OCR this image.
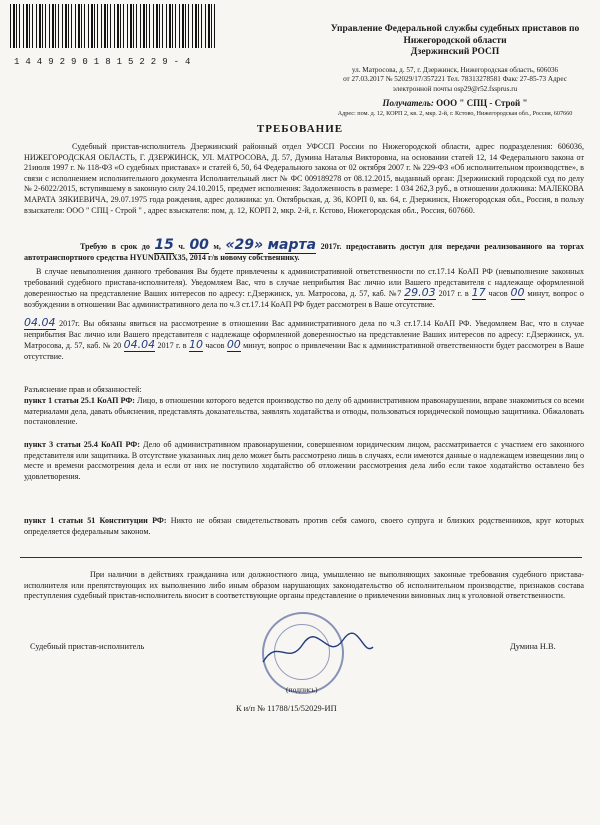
14492901815229-4
Управление Федеральной службы судебных приставов по
Нижегородской области
Дзержинский РОСП
ул. Матросова, д. 57, г. Дзержинск, Нижегородская область, 606036
от 27.03.2017 № 52029/17/357221 Тел. 78313278581 Факс 27-85-73 Адрес
электронной почты osp29@r52.fssprus.ru
Получатель: ООО " СПЦ - Строй "
Адрес: пом. д. 12, КОРП 2, кв. 2, мкр. 2-й, г. Кстово, Нижегородская обл., Россия, 607660
ТРЕБОВАНИЕ

Судебный пристав-исполнитель Дзержинский районный отдел УФССП России по Нижегородской области, адрес подразделения: 606036, НИЖЕГОРОДСКАЯ ОБЛАСТЬ, Г. ДЗЕРЖИНСК, УЛ. МАТРОСОВА, Д. 57, Думина Наталья Викторовна, на основании статей 12, 14 Федерального закона от 21июля 1997 г. № 118-ФЗ «О судебных приставах» и статей 6, 50, 64 Федерального закона от 02 октября 2007 г. № 229-ФЗ «Об исполнительном производстве», в связи с исполнением исполнительного документа Исполнительный лист № ФС 009189278 от 08.12.2015, выданный орган: Дзержинский городской суд по делу № 2-6022/2015, вступившему в законную силу 24.10.2015, предмет исполнения: Задолженность в размере: 1 034 262,3 руб., в отношении должника: МАЛЕКОВА МАРАТА ЗЯКИЕВИЧА, 29.07.1975 года рождения, адрес должника: ул. Октябрьская, д. 36, КОРП 0, кв. 64, г. Дзержинск, Нижегородская обл., Россия, в пользу взыскателя: ООО " СПЦ - Строй " , адрес взыскателя: пом, д. 12, КОРП 2, мкр. 2-й, г. Кстово, Нижегородская обл., Россия, 607660.

Требую в срок до 15 ч. 00 м, «29» марта 2017г. предоставить доступ для передачи реализованного на торгах автотранспортного средства HYUNDAIIX35, 2014 г/в новому собственнику.

В случае невыполнения данного требования Вы будете привлечены к административной ответственности по ст.17.14 КоАП РФ (невыполнение законных требований судебного пристава-исполнителя). Уведомляем Вас, что в случае неприбытия Вас лично или Вашего представителя с надлежаще оформленной доверенностью на представление Ваших интересов по адресу: г.Дзержинск, ул. Матросова, д. 57, каб. №7 29.03 2017 г. в 17 часов 00 минут, вопрос о возбуждении в отношении Вас административного дела по ч.3 ст.17.14 КоАП РФ будет рассмотрен в Ваше отсутствие.

04.04 2017г. Вы обязаны явиться на рассмотрение в отношении Вас административного дела по ч.3 ст.17.14 КоАП РФ. Уведомляем Вас, что в случае неприбытия Вас лично или Вашего представителя с надлежаще оформленной доверенностью на представление Ваших интересов по адресу: г.Дзержинск, ул. Матросова, д. 57, каб. № 20 04.04 2017 г. в 10 часов 00 минут, вопрос о привлечении Вас к административной ответственности будет рассмотрен в Ваше отсутствие.

Разъяснение прав и обязанностей:

пункт 1 статьи 25.1 КоАП РФ: Лицо, в отношении которого ведется производство по делу об административном правонарушении, вправе знакомиться со всеми материалами дела, давать объяснения, представлять доказательства, заявлять ходатайства и отводы, пользоваться юридической помощью защитника. Обжаловать постановление.

пункт 3 статьи 25.4 КоАП РФ: Дело об административном правонарушении, совершенном юридическим лицом, рассматривается с участием его законного представителя или защитника. В отсутствие указанных лиц дело может быть рассмотрено лишь в случаях, если имеются данные о надлежащем извещении лиц о месте и времени рассмотрения дела и если от них не поступило ходатайство об отложении рассмотрения дела либо если такое ходатайство оставлено без удовлетворения.

пункт 1 статьи 51 Конституции РФ: Никто не обязан свидетельствовать против себя самого, своего супруга и близких родственников, круг которых определяется федеральным законом.

При наличии в действиях гражданина или должностного лица, умышленно не выполняющих законные требования судебного пристава-исполнителя или препятствующих их выполнению либо иным образом нарушающих законодательство об исполнительном производстве, признаков состава преступления судебный пристав-исполнитель вносит в соответствующие органы представление о привлечении виновных лиц к уголовной ответственности.

Судебный пристав-исполнитель	Думина Н.В.
(подпись)
К и/п № 11788/15/52029-ИП
